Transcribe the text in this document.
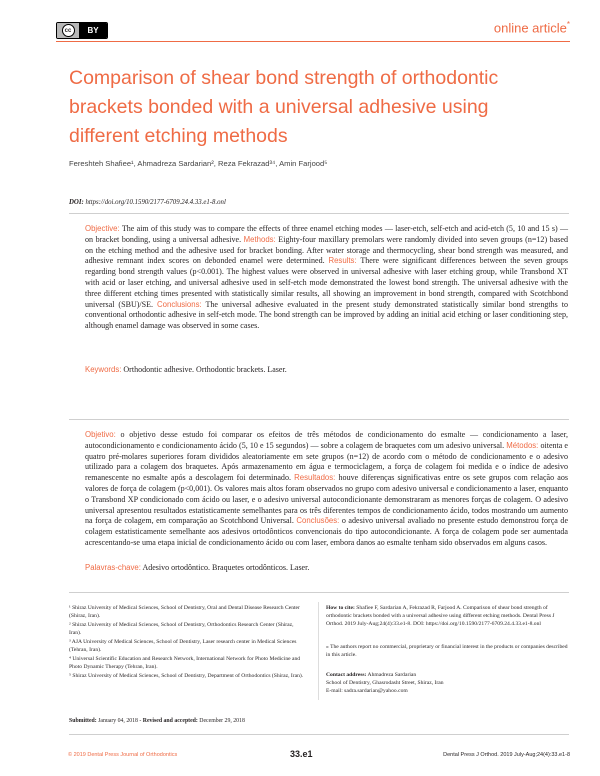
cc	BY	online article*
Comparison of shear bond strength of orthodontic brackets bonded with a universal adhesive using different etching methods
Fereshteh Shafiee¹, Ahmadreza Sardarian², Reza Fekrazad³⁴, Amin Farjood⁵
DOI: https://doi.org/10.1590/2177-6709.24.4.33.e1-8.onl
Objective: The aim of this study was to compare the effects of three enamel etching modes — laser-etch, self-etch and acid-etch (5, 10 and 15 s) — on bracket bonding, using a universal adhesive. Methods: Eighty-four maxillary premolars were randomly divided into seven groups (n=12) based on the etching method and the adhesive used for bracket bonding. After water storage and thermocycling, shear bond strength was measured, and adhesive remnant index scores on debonded enamel were determined. Results: There were significant differences between the seven groups regarding bond strength values (p<0.001). The highest values were observed in universal adhesive with laser etching group, while Transbond XT with acid or laser etching, and universal adhesive used in self-etch mode demonstrated the lowest bond strength. The universal adhesive with the three different etching times presented with statistically similar results, all showing an improvement in bond strength, compared with Scotchbond universal (SBU)/SE. Conclusions: The universal adhesive evaluated in the present study demonstrated statistically similar bond strengths to conventional orthodontic adhesive in self-etch mode. The bond strength can be improved by adding an initial acid etching or laser conditioning step, although enamel damage was observed in some cases.
Keywords: Orthodontic adhesive. Orthodontic brackets. Laser.
Objetivo: o objetivo desse estudo foi comparar os efeitos de três métodos de condicionamento do esmalte — condicionamento a laser, autocondicionamento e condicionamento ácido (5, 10 e 15 segundos) — sobre a colagem de braquetes com um adesivo universal. Métodos: oitenta e quatro pré-molares superiores foram divididos aleatoriamente em sete grupos (n=12) de acordo com o método de condicionamento e o adesivo utilizado para a colagem dos braquetes. Após armazenamento em água e termociclagem, a força de colagem foi medida e o índice de adesivo remanescente no esmalte após a descolagem foi determinado. Resultados: houve diferenças significativas entre os sete grupos com relação aos valores de força de colagem (p<0,001). Os valores mais altos foram observados no grupo com adesivo universal e condicionamento a laser, enquanto o Transbond XP condicionado com ácido ou laser, e o adesivo universal autocondicionante demonstraram as menores forças de colagem. O adesivo universal apresentou resultados estatisticamente semelhantes para os três diferentes tempos de condicionamento ácido, todos mostrando um aumento na força de colagem, em comparação ao Scotchbond Universal. Conclusões: o adesivo universal avaliado no presente estudo demonstrou força de colagem estatisticamente semelhante aos adesivos ortodônticos convencionais do tipo autocondicionante. A força de colagem pode ser aumentada acrescentando-se uma etapa inicial de condicionamento ácido ou com laser, embora danos ao esmalte tenham sido observados em alguns casos.
Palavras-chave: Adesivo ortodôntico. Braquetes ortodônticos. Laser.
¹ Shiraz University of Medical Sciences, School of Dentistry, Oral and Dental Disease Research Center (Shiraz, Iran).
² Shiraz University of Medical Sciences, School of Dentistry, Orthodontics Research Center (Shiraz, Iran).
³ AJA University of Medical Sciences, School of Dentistry, Laser research center in Medical Sciences (Tehran, Iran).
⁴ Universal Scientific Education and Research Network, International Network for Photo Medicine and Photo Dynamic Therapy (Tehran, Iran).
⁵ Shiraz University of Medical Sciences, School of Dentistry, Department of Orthodontics (Shiraz, Iran).
How to cite: Shafiee F, Sardarian A, Fekrazad R, Farjood A. Comparison of shear bond strength of orthodontic brackets bonded with a universal adhesive using different etching methods. Dental Press J Orthod. 2019 July-Aug;24(4):33.e1-8. DOI: https://doi.org/10.1590/2177-6709.24.4.33.e1-8.onl
» The authors report no commercial, proprietary or financial interest in the products or companies described in this article.
Contact address: Ahmadreza Sardarian
School of Dentistry, Ghasrodasht Street, Shiraz, Iran
E-mail: sadra.sardarian@yahoo.com
Submitted: January 04, 2018 - Revised and accepted: December 29, 2018
© 2019 Dental Press Journal of Orthodontics	33.e1	Dental Press J Orthod. 2019 July-Aug;24(4):33.e1-8
